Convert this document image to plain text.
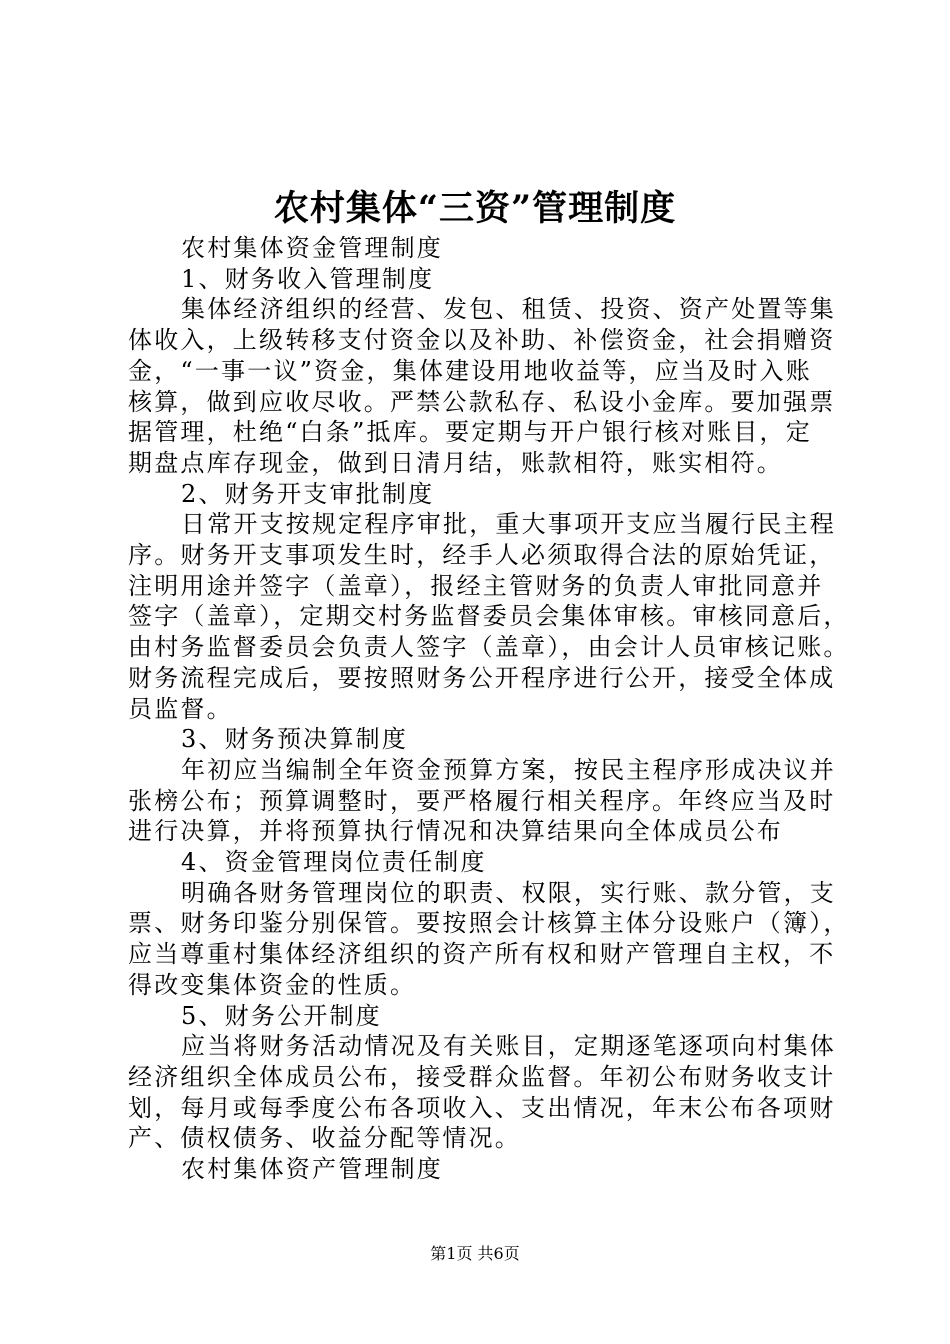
农村集体“三资”管理制度
农村集体资金管理制度
1、财务收入管理制度
集体经济组织的经营、发包、租赁、投资、资产处置等集
体收入，上级转移支付资金以及补助、补偿资金，社会捐赠资
金，“一事一议”资金，集体建设用地收益等，应当及时入账
核算，做到应收尽收。严禁公款私存、私设小金库。要加强票
据管理，杜绝“白条”抵库。要定期与开户银行核对账目，定
期盘点库存现金，做到日清月结，账款相符，账实相符。
2、财务开支审批制度
日常开支按规定程序审批，重大事项开支应当履行民主程
序。财务开支事项发生时，经手人必须取得合法的原始凭证，
注明用途并签字（盖章），报经主管财务的负责人审批同意并
签字（盖章），定期交村务监督委员会集体审核。审核同意后，
由村务监督委员会负责人签字（盖章），由会计人员审核记账。
财务流程完成后，要按照财务公开程序进行公开，接受全体成
员监督。
3、财务预决算制度
年初应当编制全年资金预算方案，按民主程序形成决议并
张榜公布；预算调整时，要严格履行相关程序。年终应当及时
进行决算，并将预算执行情况和决算结果向全体成员公布
4、资金管理岗位责任制度
明确各财务管理岗位的职责、权限，实行账、款分管，支
票、财务印鉴分别保管。要按照会计核算主体分设账户（簿），
应当尊重村集体经济组织的资产所有权和财产管理自主权，不
得改变集体资金的性质。
5、财务公开制度
应当将财务活动情况及有关账目，定期逐笔逐项向村集体
经济组织全体成员公布，接受群众监督。年初公布财务收支计
划，每月或每季度公布各项收入、支出情况，年末公布各项财
产、债权债务、收益分配等情况。
农村集体资产管理制度
第1页 共6页
